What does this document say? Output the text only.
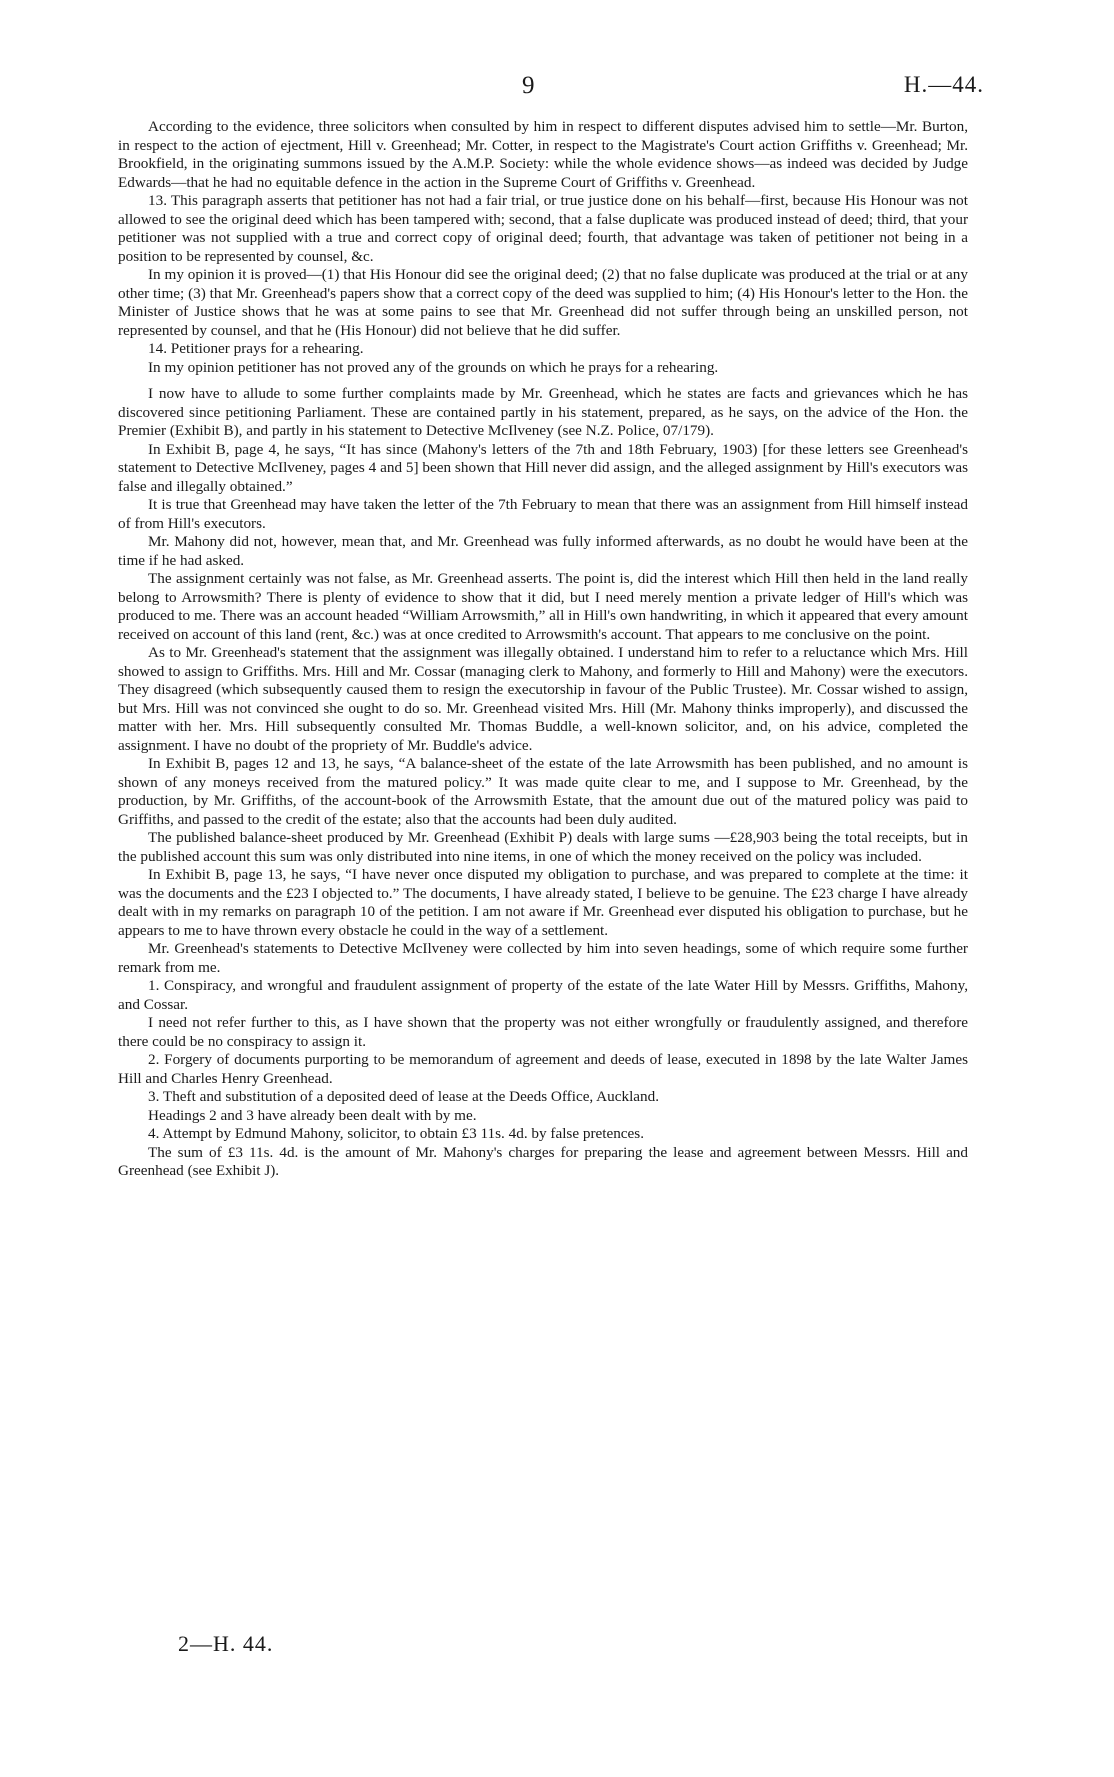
9	H.—44.

According to the evidence, three solicitors when consulted by him in respect to different disputes advised him to settle—Mr. Burton, in respect to the action of ejectment, Hill v. Greenhead; Mr. Cotter, in respect to the Magistrate's Court action Griffiths v. Greenhead; Mr. Brookfield, in the originating summons issued by the A.M.P. Society: while the whole evidence shows—as indeed was decided by Judge Edwards—that he had no equitable defence in the action in the Supreme Court of Griffiths v. Greenhead.

13. This paragraph asserts that petitioner has not had a fair trial, or true justice done on his behalf—first, because His Honour was not allowed to see the original deed which has been tampered with; second, that a false duplicate was produced instead of deed; third, that your petitioner was not supplied with a true and correct copy of original deed; fourth, that advantage was taken of petitioner not being in a position to be represented by counsel, &c.

In my opinion it is proved—(1) that His Honour did see the original deed; (2) that no false duplicate was produced at the trial or at any other time; (3) that Mr. Greenhead's papers show that a correct copy of the deed was supplied to him; (4) His Honour's letter to the Hon. the Minister of Justice shows that he was at some pains to see that Mr. Greenhead did not suffer through being an unskilled person, not represented by counsel, and that he (His Honour) did not believe that he did suffer.

14. Petitioner prays for a rehearing.

In my opinion petitioner has not proved any of the grounds on which he prays for a rehearing.

I now have to allude to some further complaints made by Mr. Greenhead, which he states are facts and grievances which he has discovered since petitioning Parliament. These are contained partly in his statement, prepared, as he says, on the advice of the Hon. the Premier (Exhibit B), and partly in his statement to Detective McIlveney (see N.Z. Police, 07/179).

In Exhibit B, page 4, he says, “It has since (Mahony's letters of the 7th and 18th February, 1903) [for these letters see Greenhead's statement to Detective McIlveney, pages 4 and 5] been shown that Hill never did assign, and the alleged assignment by Hill's executors was false and illegally obtained.”

It is true that Greenhead may have taken the letter of the 7th February to mean that there was an assignment from Hill himself instead of from Hill's executors.

Mr. Mahony did not, however, mean that, and Mr. Greenhead was fully informed afterwards, as no doubt he would have been at the time if he had asked.

The assignment certainly was not false, as Mr. Greenhead asserts. The point is, did the interest which Hill then held in the land really belong to Arrowsmith? There is plenty of evidence to show that it did, but I need merely mention a private ledger of Hill's which was produced to me. There was an account headed “William Arrowsmith,” all in Hill's own handwriting, in which it appeared that every amount received on account of this land (rent, &c.) was at once credited to Arrowsmith's account. That appears to me conclusive on the point.

As to Mr. Greenhead's statement that the assignment was illegally obtained. I understand him to refer to a reluctance which Mrs. Hill showed to assign to Griffiths. Mrs. Hill and Mr. Cossar (managing clerk to Mahony, and formerly to Hill and Mahony) were the executors. They disagreed (which subsequently caused them to resign the executorship in favour of the Public Trustee). Mr. Cossar wished to assign, but Mrs. Hill was not convinced she ought to do so. Mr. Greenhead visited Mrs. Hill (Mr. Mahony thinks improperly), and discussed the matter with her. Mrs. Hill subsequently consulted Mr. Thomas Buddle, a well-known solicitor, and, on his advice, completed the assignment. I have no doubt of the propriety of Mr. Buddle's advice.

In Exhibit B, pages 12 and 13, he says, “A balance-sheet of the estate of the late Arrowsmith has been published, and no amount is shown of any moneys received from the matured policy.” It was made quite clear to me, and I suppose to Mr. Greenhead, by the production, by Mr. Griffiths, of the account-book of the Arrowsmith Estate, that the amount due out of the matured policy was paid to Griffiths, and passed to the credit of the estate; also that the accounts had been duly audited.

The published balance-sheet produced by Mr. Greenhead (Exhibit P) deals with large sums —£28,903 being the total receipts, but in the published account this sum was only distributed into nine items, in one of which the money received on the policy was included.

In Exhibit B, page 13, he says, “I have never once disputed my obligation to purchase, and was prepared to complete at the time: it was the documents and the £23 I objected to.” The documents, I have already stated, I believe to be genuine. The £23 charge I have already dealt with in my remarks on paragraph 10 of the petition. I am not aware if Mr. Greenhead ever disputed his obligation to purchase, but he appears to me to have thrown every obstacle he could in the way of a settlement.

Mr. Greenhead's statements to Detective McIlveney were collected by him into seven headings, some of which require some further remark from me.

1. Conspiracy, and wrongful and fraudulent assignment of property of the estate of the late Water Hill by Messrs. Griffiths, Mahony, and Cossar.

I need not refer further to this, as I have shown that the property was not either wrongfully or fraudulently assigned, and therefore there could be no conspiracy to assign it.

2. Forgery of documents purporting to be memorandum of agreement and deeds of lease, executed in 1898 by the late Walter James Hill and Charles Henry Greenhead.

3. Theft and substitution of a deposited deed of lease at the Deeds Office, Auckland.

Headings 2 and 3 have already been dealt with by me.

4. Attempt by Edmund Mahony, solicitor, to obtain £3 11s. 4d. by false pretences.

The sum of £3 11s. 4d. is the amount of Mr. Mahony's charges for preparing the lease and agreement between Messrs. Hill and Greenhead (see Exhibit J).

2—H. 44.
